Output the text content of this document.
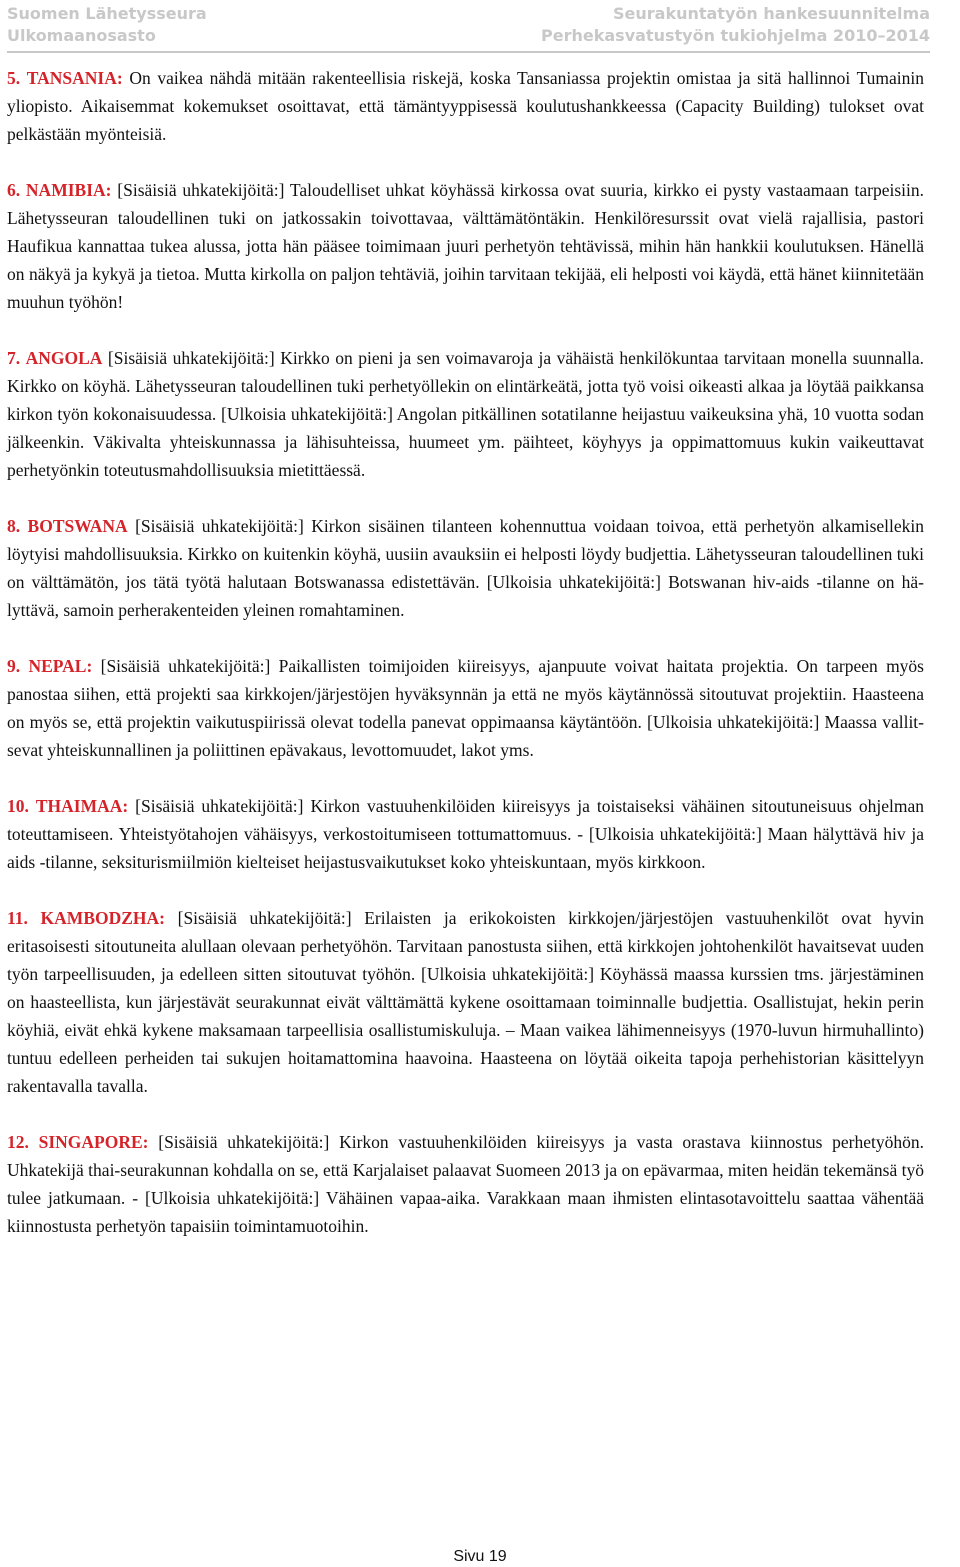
Suomen Lähetysseura
Ulkomaanosasto
Seurakuntatyön hankesuunnitelma
Perhekasvatustyön tukiohjelma 2010–2014

5. TANSANIA: On vaikea nähdä mitään rakenteellisia riskejä, koska Tansaniassa projektin omistaa ja sitä hallinnoi Tumainin yliopisto. Aikaisemmat kokemukset osoittavat, että tämäntyyppisessä koulutushankkeessa (Capacity Building) tulokset ovat pelkästään myönteisiä.

6. NAMIBIA: [Sisäisiä uhkatekijöitä:] Taloudelliset uhkat köyhässä kirkossa ovat suuria, kirkko ei pysty vastaamaan tarpeisiin. Lähetysseuran taloudellinen tuki on jatkossakin toivottavaa, välttämätöntäkin. Henkilöresurssit ovat vielä rajallisia, pastori Haufikua kannattaa tukea alussa, jotta hän pääsee toimimaan juuri perhetyön tehtävissä, mihin hän hankkii koulutuksen. Hänellä on näkyä ja kykyä ja tietoa. Mutta kirkolla on paljon tehtäviä, joihin tarvitaan tekijää, eli helposti voi käydä, että hänet kiinnitetään muuhun työhön!

7. ANGOLA [Sisäisiä uhkatekijöitä:] Kirkko on pieni ja sen voimavaroja ja vähäistä henkilökuntaa tarvitaan monella suunnalla. Kirkko on köyhä. Lähetysseuran taloudellinen tuki perhetyöllekin on elintärkeätä, jotta työ voisi oikeasti alkaa ja löytää paikkansa kirkon työn kokonaisuudessa. [Ulkoisia uhkatekijöitä:] Angolan pitkällinen sotatilanne heijastuu vaikeuksina yhä, 10 vuotta sodan jälkeenkin. Väkivalta yhteiskunnassa ja lähisuhteissa, huumeet ym. päihteet, köyhyys ja oppimattomuus kukin vaikeuttavat perhetyönkin toteutusmahdollisuuksia mietittäessä.

8. BOTSWANA [Sisäisiä uhkatekijöitä:] Kirkon sisäinen tilanteen kohennuttua voidaan toivoa, että perhetyön alkamisellekin löytyisi mahdollisuuksia. Kirkko on kuitenkin köyhä, uusiin avauksiin ei helposti löydy budjettia. Lähetysseuran taloudellinen tuki on välttämätön, jos tätä työtä halutaan Botswanassa edistettävän. [Ulkoisia uhkatekijöitä:] Botswanan hiv-aids -tilanne on hälyttävä, samoin perherakenteiden yleinen romahtaminen.

9. NEPAL: [Sisäisiä uhkatekijöitä:] Paikallisten toimijoiden kiireisyys, ajanpuute voivat haitata projektia. On tarpeen myös panostaa siihen, että projekti saa kirkkojen/järjestöjen hyväksynnän ja että ne myös käytännössä sitoutuvat projektiin. Haasteena on myös se, että projektin vaikutuspiirissä olevat todella panevat oppimaansa käytäntöön. [Ulkoisia uhkatekijöitä:] Maassa vallitsevat yhteiskunnallinen ja poliittinen epävakaus, levottomuudet, lakot yms.

10. THAIMAA: [Sisäisiä uhkatekijöitä:] Kirkon vastuuhenkilöiden kiireisyys ja toistaiseksi vähäinen sitoutuneisuus ohjelman toteuttamiseen. Yhteistyötahojen vähäisyys, verkostoitumiseen tottumattomuus. - [Ulkoisia uhkatekijöitä:] Maan hälyttävä hiv ja aids -tilanne, seksiturismiilmiön kielteiset heijastusvaikutukset koko yhteiskuntaan, myös kirkkoon.

11. KAMBODZHA: [Sisäisiä uhkatekijöitä:] Erilaisten ja erikokoisten kirkkojen/järjestöjen vastuuhenkilöt ovat hyvin eritasoisesti sitoutuneita alullaan olevaan perhetyöhön. Tarvitaan panostusta siihen, että kirkkojen johtohenkilöt havaitsevat uuden työn tarpeellisuuden, ja edelleen sitten sitoutuvat työhön. [Ulkoisia uhkatekijöitä:] Köyhässä maassa kurssien tms. järjestäminen on haasteellista, kun järjestävät seurakunnat eivät välttämättä kykene osoittamaan toiminnalle budjettia. Osallistujat, hekin perin köyhiä, eivät ehkä kykene maksamaan tarpeellisia osallistumiskuluja. – Maan vaikea lähimenneisyys (1970-luvun hirmuhallinto) tuntuu edelleen perheiden tai sukujen hoitamattomina haavoina. Haasteena on löytää oikeita tapoja perhehistorian käsittelyyn rakentavalla tavalla.

12. SINGAPORE: [Sisäisiä uhkatekijöitä:] Kirkon vastuuhenkilöiden kiireisyys ja vasta orastava kiinnostus perhetyöhön. Uhkatekijä thai-seurakunnan kohdalla on se, että Karjalaiset palaavat Suomeen 2013 ja on epävarmaa, miten heidän tekemänsä työ tulee jatkumaan. - [Ulkoisia uhkatekijöitä:] Vähäinen vapaa-aika. Varakkaan maan ihmisten elintasotavoittelu saattaa vähentää kiinnostusta perhetyön tapaisiin toimintamuotoihin.

Sivu 19
